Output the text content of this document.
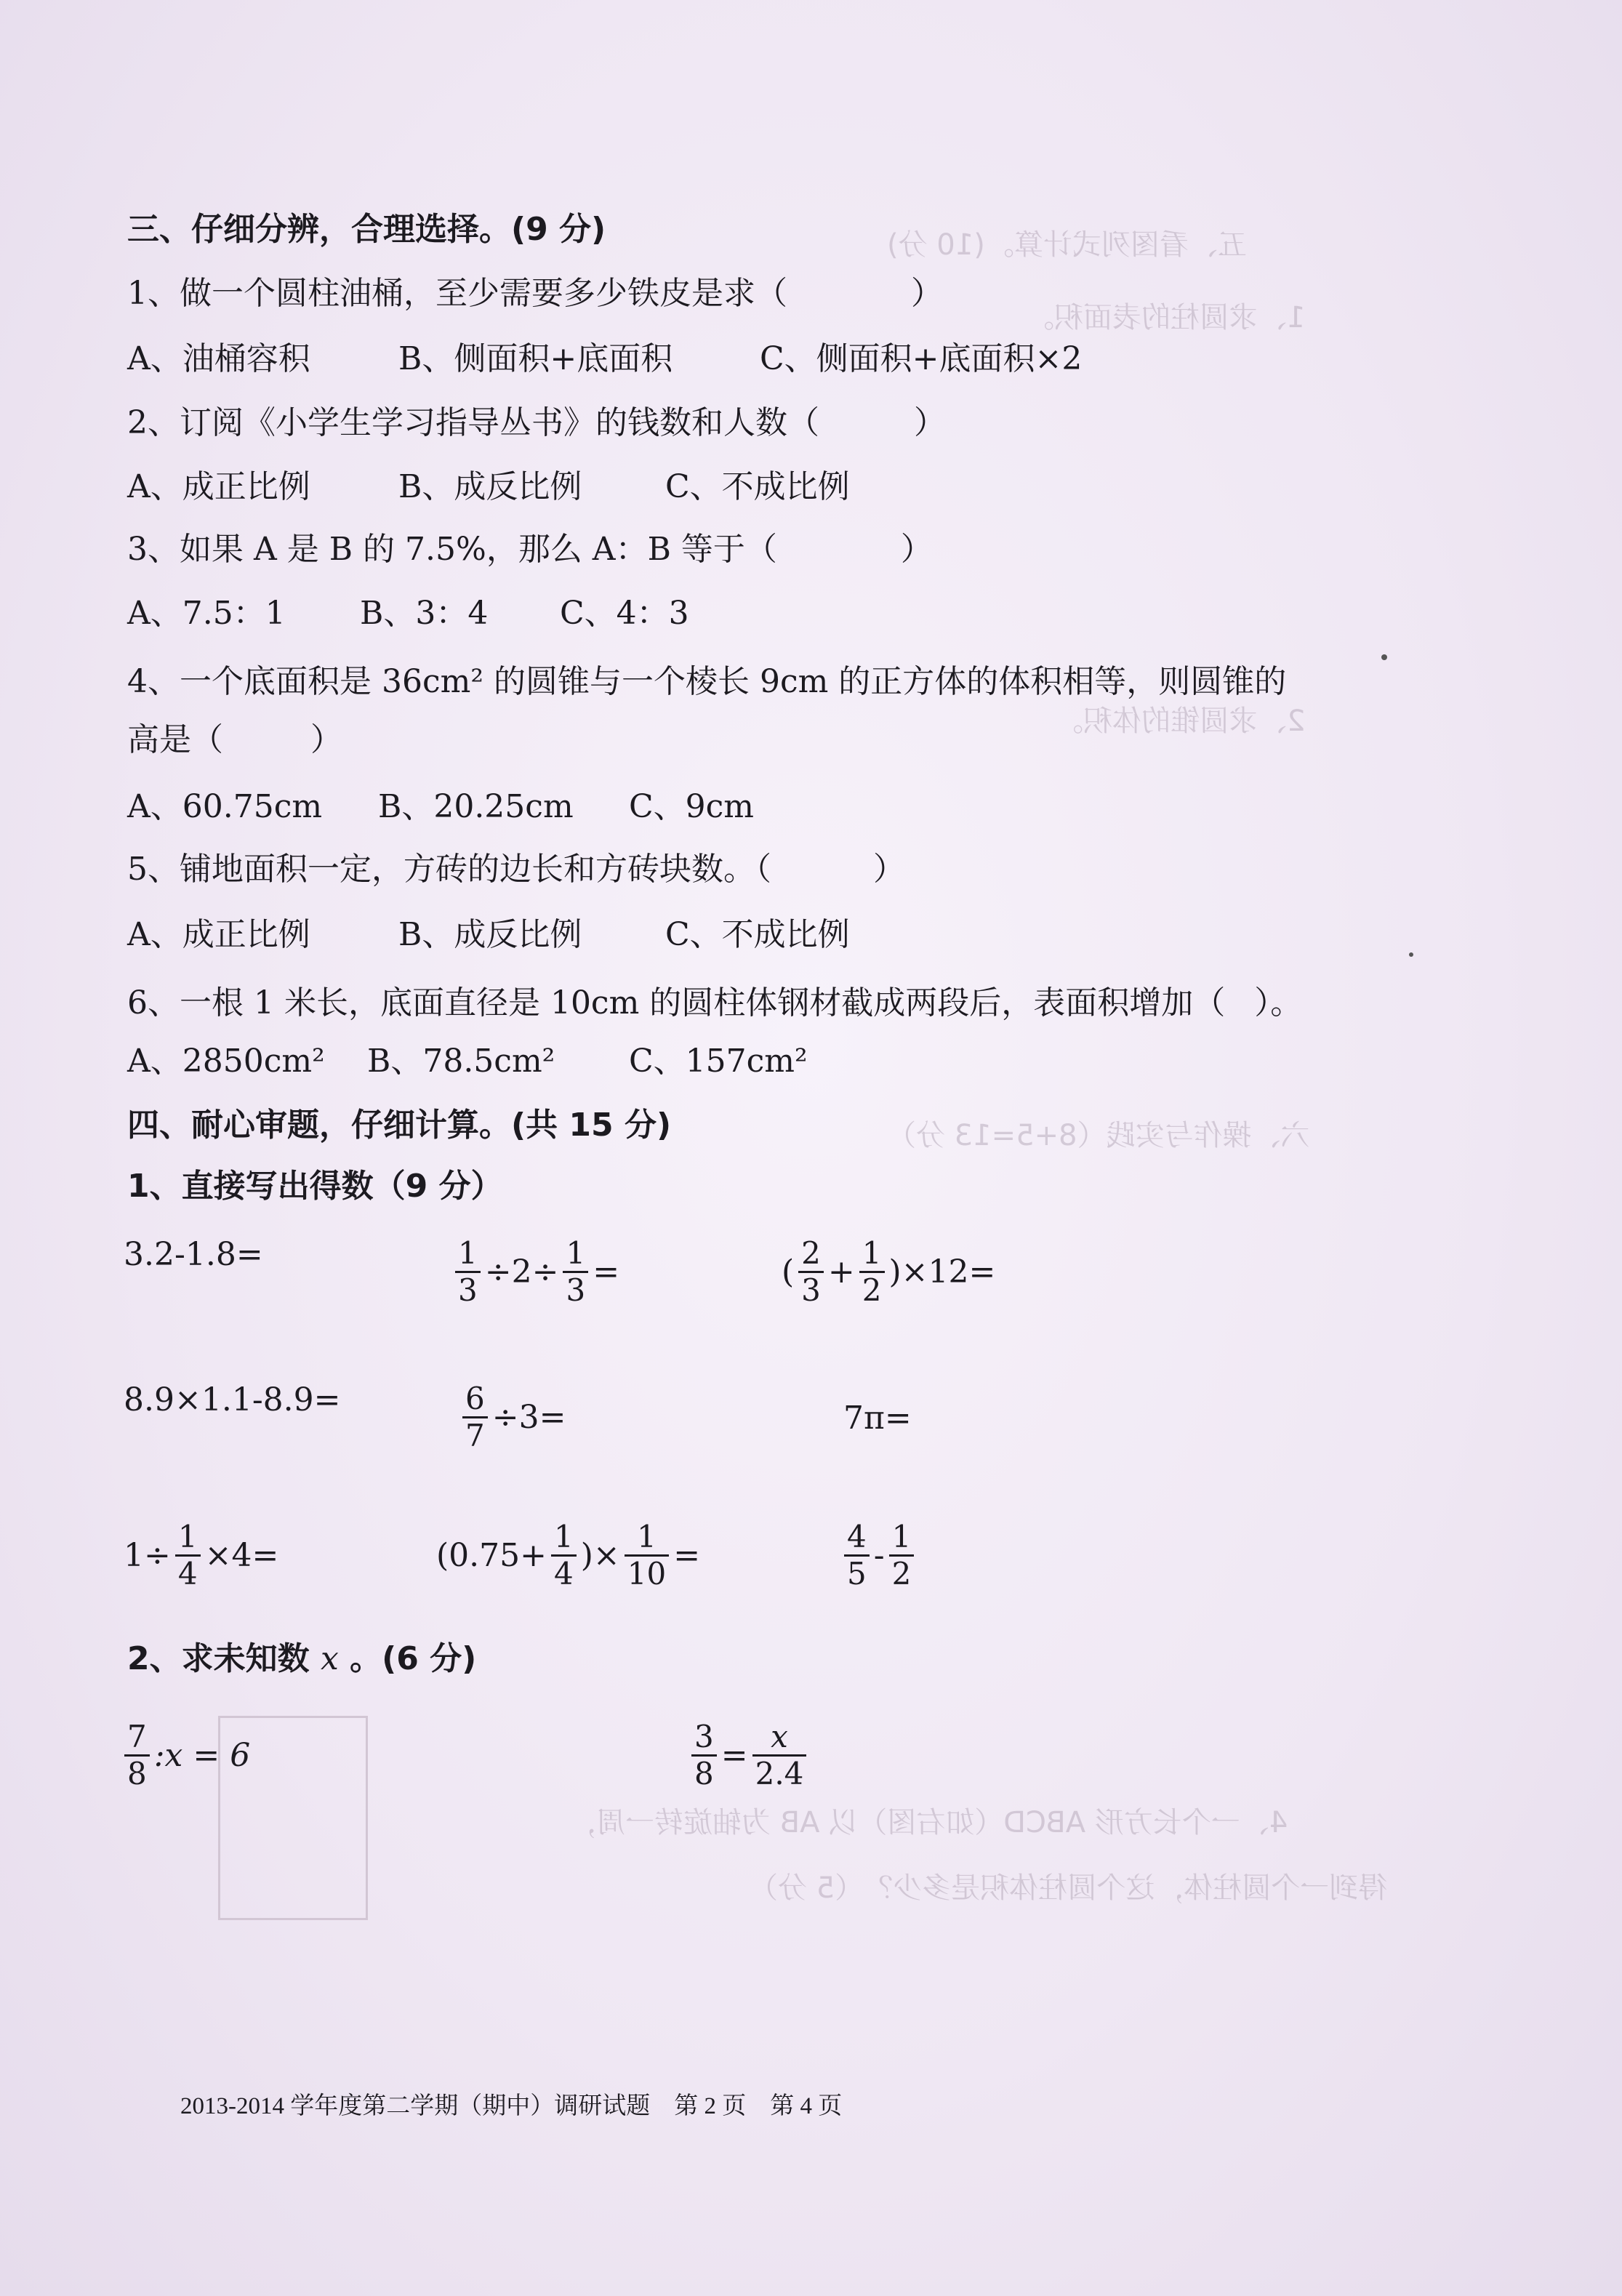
五、看图列式计算。(10 分)
1、求圆柱的表面积。
2、求圆锥的体积。
六、操作与实践（8+5=13 分）
4、一个长方形 ABCD（如右图）以 AB 为轴旋转一周，
得到一个圆柱体，这个圆柱体积是多少？（5 分）
三、仔细分辨，合理选择。(9 分)
1、做一个圆柱油桶，至少需要多少铁皮是求（	）
A、油桶容积	B、侧面积+底面积	C、侧面积+底面积×2
2、订阅《小学生学习指导丛书》的钱数和人数（	）
A、成正比例	B、成反比例	C、不成比例
3、如果 A 是 B 的 7.5%，那么 A：B 等于（	）
A、7.5：1 B、3：4 C、4：3
4、一个底面积是 36cm² 的圆锥与一个棱长 9cm 的正方体的体积相等，则圆锥的
高是（	）
A、60.75cm B、20.25cm C、9cm
5、铺地面积一定，方砖的边长和方砖块数。（	）
A、成正比例	B、成反比例	C、不成比例
6、一根 1 米长，底面直径是 10cm 的圆柱体钢材截成两段后，表面积增加（ ）。
A、2850cm² B、78.5cm² C、157cm²
四、耐心审题，仔细计算。(共 15 分)
1、直接写出得数（9 分）
3.2-1.8=	$\frac{1}{3} \div 2\div \frac{1}{3}$ =	( $\frac{2}{3} + \frac{1}{2} )\times 12=$
8.9×1.1-8.9=	$\frac{6}{7} \div 3=$	7π=
$1\div \frac{1}{4} \times 4=$	($0.75+ \frac{1}{4}$ )× $\frac{1}{10}$ =	$\frac{4}{5} - \frac{1}{2}$
2、求未知数 x 。(6 分)
$\frac{7}{8}$ :x = 6	$\frac{3}{8} = \frac{x}{2.4}$
2013-2014 学年度第二学期（期中）调研试题　第 2 页　第 4 页
